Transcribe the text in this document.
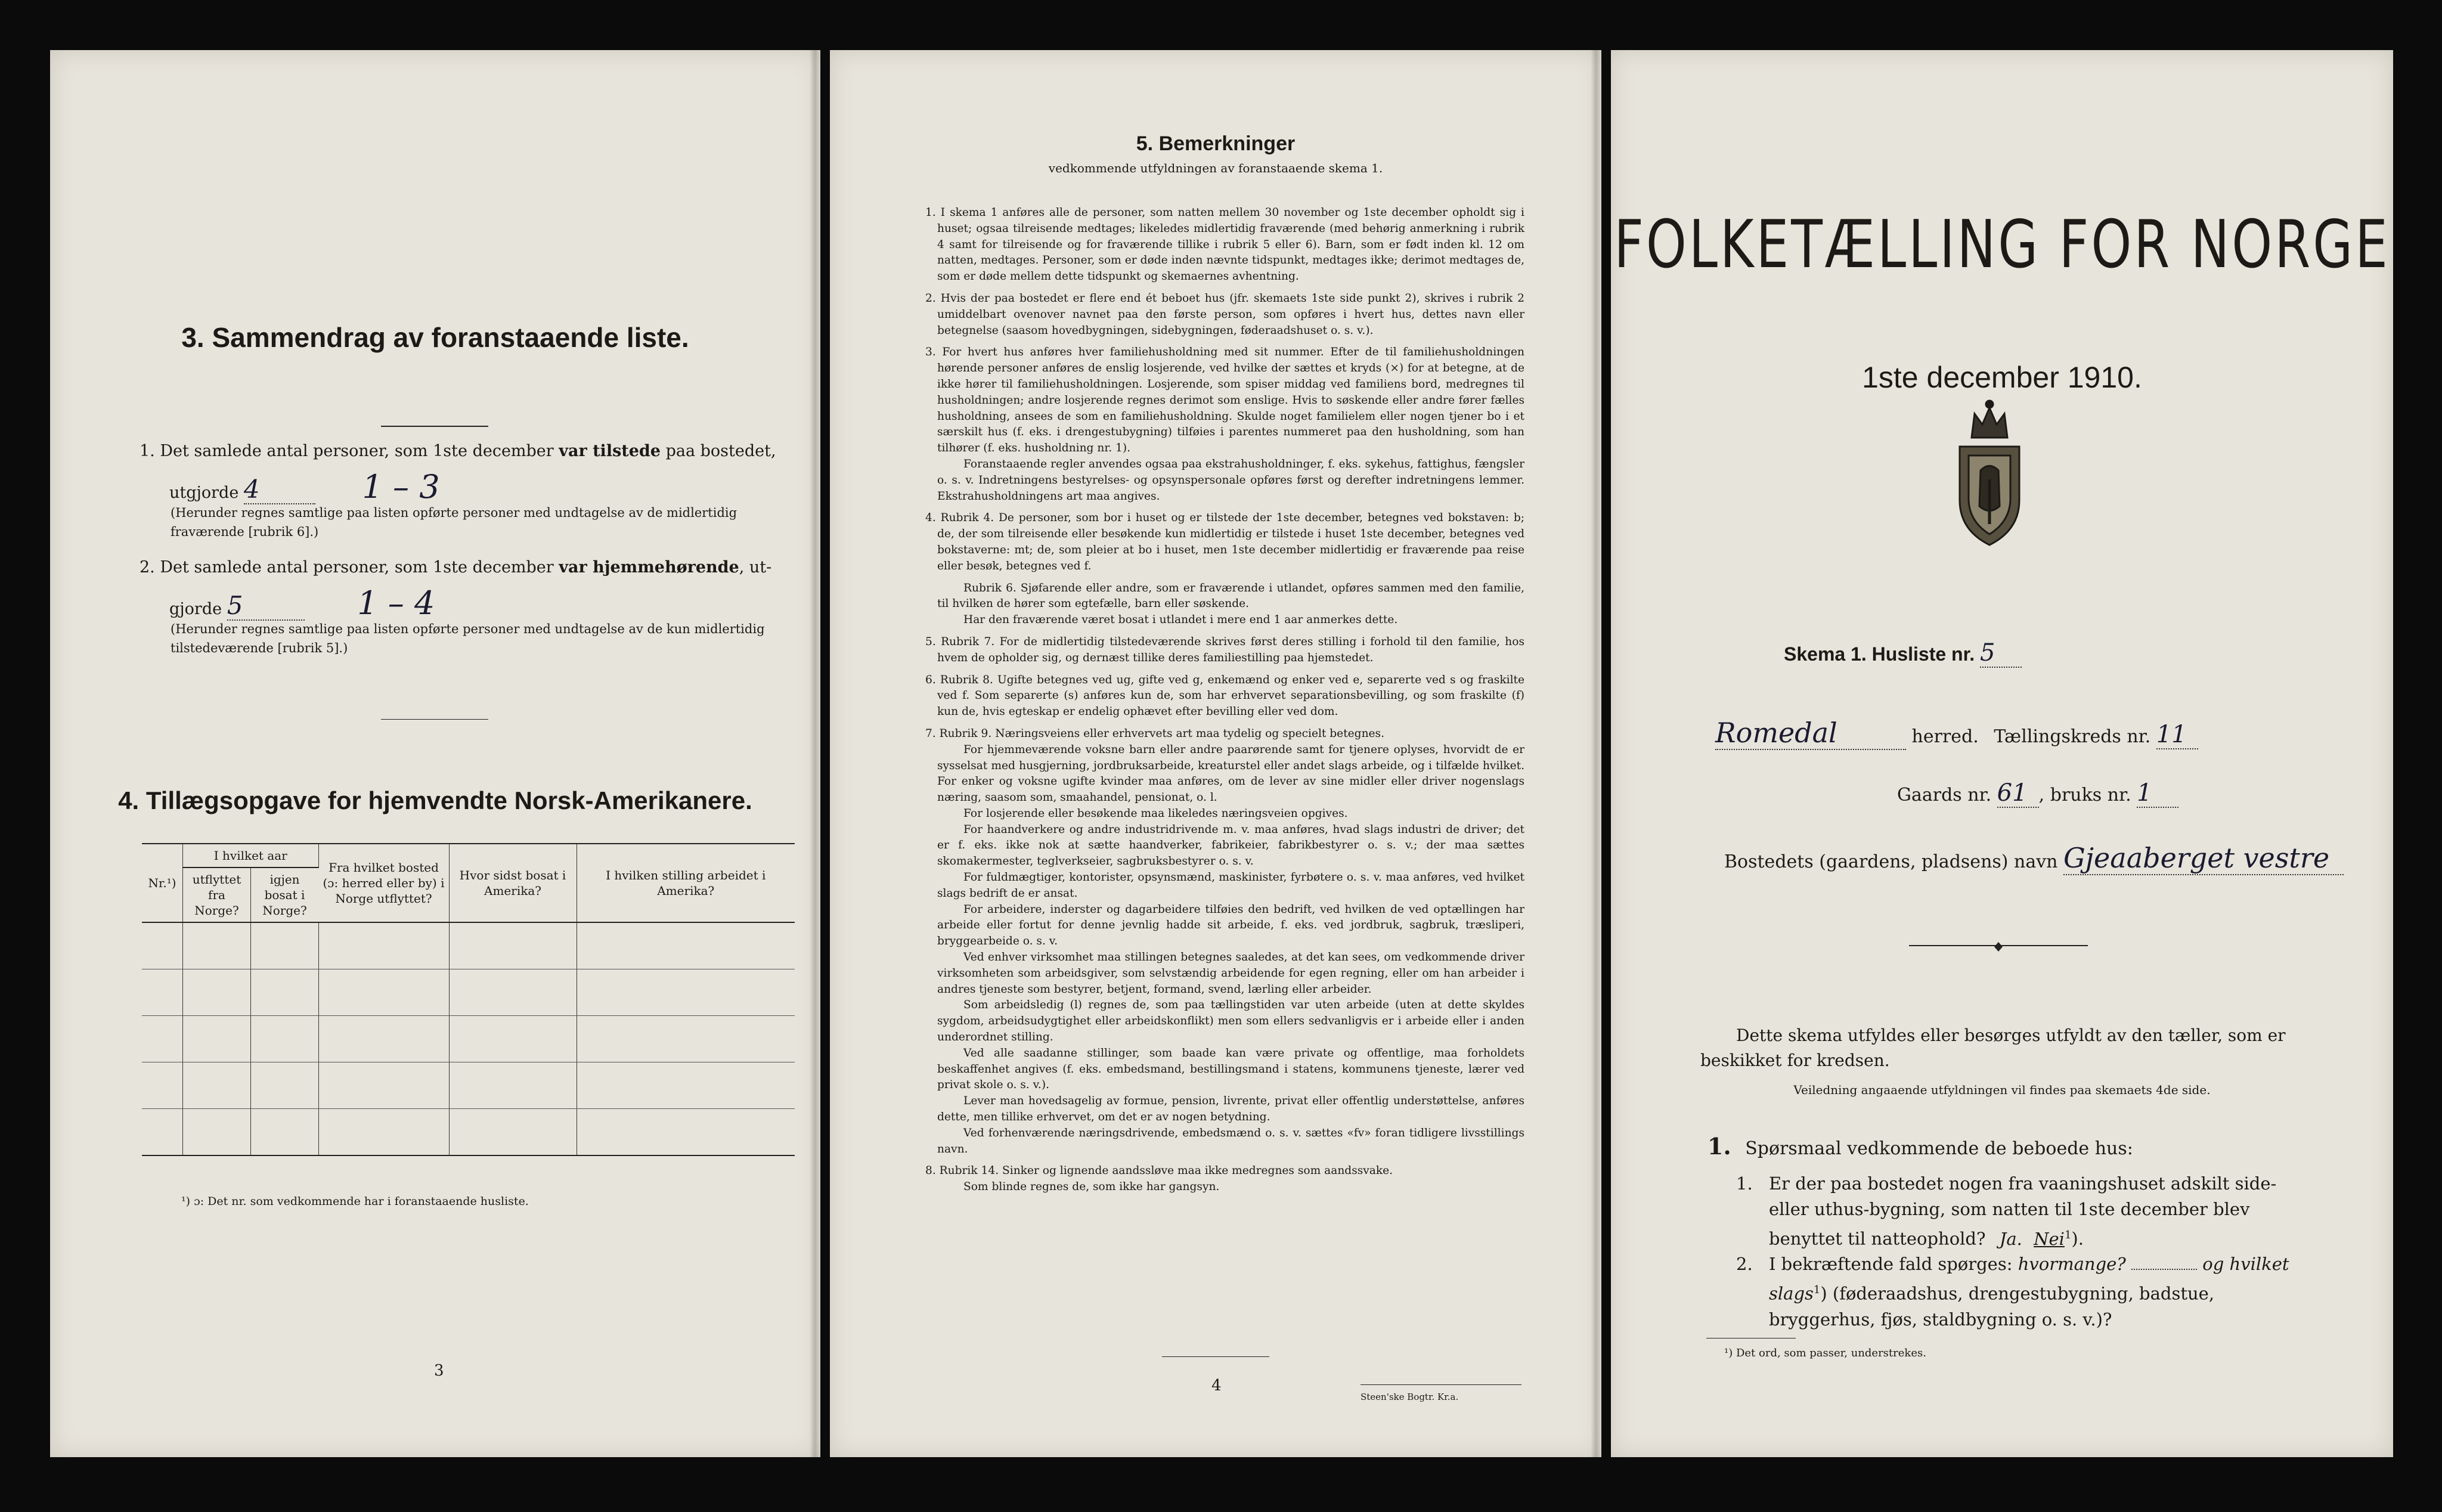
3. Sammendrag av foranstaaende liste.
1. Det samlede antal personer, som 1ste december var tilstede paa bostedet,
utgjorde 4	1 – 3
(Herunder regnes samtlige paa listen opførte personer med undtagelse av de midlertidig fraværende [rubrik 6].)
2. Det samlede antal personer, som 1ste december var hjemmehørende, ut-
gjorde 5	1 – 4
(Herunder regnes samtlige paa listen opførte personer med undtagelse av de kun midlertidig tilstedeværende [rubrik 5].)
4. Tillægsopgave for hjemvendte Norsk-Amerikanere.
Nr.¹)	I hvilket aar		Fra hvilket bosted (ɔ: herred eller by) i Norge utflyttet?	Hvor sidst bosat i Amerika?	I hvilken stilling arbeidet i Amerika?
	utflyttet fra Norge?	igjen bosat i Norge?			

¹) ɔ: Det nr. som vedkommende har i foranstaaende husliste.
3
5. Bemerkninger
vedkommende utfyldningen av foranstaaende skema 1.

1. I skema 1 anføres alle de personer, som natten mellem 30 november og 1ste december opholdt sig i huset; ogsaa tilreisende medtages; likeledes midlertidig fraværende (med behørig anmerkning i rubrik 4 samt for tilreisende og for fraværende tillike i rubrik 5 eller 6). Barn, som er født inden kl. 12 om natten, medtages. Personer, som er døde inden nævnte tidspunkt, medtages ikke; derimot medtages de, som er døde mellem dette tidspunkt og skemaernes avhentning.

2. Hvis der paa bostedet er flere end ét beboet hus (jfr. skemaets 1ste side punkt 2), skrives i rubrik 2 umiddelbart ovenover navnet paa den første person, som opføres i hvert hus, dettes navn eller betegnelse (saasom hovedbygningen, sidebygningen, føderaadshuset o. s. v.).

3. For hvert hus anføres hver familiehusholdning med sit nummer. Efter de til familiehusholdningen hørende personer anføres de enslig losjerende, ved hvilke der sættes et kryds (×) for at betegne, at de ikke hører til familiehusholdningen. Losjerende, som spiser middag ved familiens bord, medregnes til husholdningen; andre losjerende regnes derimot som enslige. Hvis to søskende eller andre fører fælles husholdning, ansees de som en familiehusholdning. Skulde noget familielem eller nogen tjener bo i et særskilt hus (f. eks. i drengestubygning) tilføies i parentes nummeret paa den husholdning, som han tilhører (f. eks. husholdning nr. 1).

Foranstaaende regler anvendes ogsaa paa ekstrahusholdninger, f. eks. sykehus, fattighus, fængsler o. s. v. Indretningens bestyrelses- og opsynspersonale opføres først og derefter indretningens lemmer. Ekstrahusholdningens art maa angives.

4. Rubrik 4. De personer, som bor i huset og er tilstede der 1ste december, betegnes ved bokstaven: b; de, der som tilreisende eller besøkende kun midlertidig er tilstede i huset 1ste december, betegnes ved bokstaverne: mt; de, som pleier at bo i huset, men 1ste december midlertidig er fraværende paa reise eller besøk, betegnes ved f.

Rubrik 6. Sjøfarende eller andre, som er fraværende i utlandet, opføres sammen med den familie, til hvilken de hører som egtefælle, barn eller søskende.

Har den fraværende været bosat i utlandet i mere end 1 aar anmerkes dette.

5. Rubrik 7. For de midlertidig tilstedeværende skrives først deres stilling i forhold til den familie, hos hvem de opholder sig, og dernæst tillike deres familiestilling paa hjemstedet.

6. Rubrik 8. Ugifte betegnes ved ug, gifte ved g, enkemænd og enker ved e, separerte ved s og fraskilte ved f. Som separerte (s) anføres kun de, som har erhvervet separationsbevilling, og som fraskilte (f) kun de, hvis egteskap er endelig ophævet efter bevilling eller ved dom.

7. Rubrik 9. Næringsveiens eller erhvervets art maa tydelig og specielt betegnes.

For hjemmeværende voksne barn eller andre paarørende samt for tjenere oplyses, hvorvidt de er sysselsat med husgjerning, jordbruksarbeide, kreaturstel eller andet slags arbeide, og i tilfælde hvilket. For enker og voksne ugifte kvinder maa anføres, om de lever av sine midler eller driver nogenslags næring, saasom som, smaahandel, pensionat, o. l.

For losjerende eller besøkende maa likeledes næringsveien opgives.

For haandverkere og andre industridrivende m. v. maa anføres, hvad slags industri de driver; det er f. eks. ikke nok at sætte haandverker, fabrikeier, fabrikbestyrer o. s. v.; der maa sættes skomakermester, teglverkseier, sagbruksbestyrer o. s. v.

For fuldmægtiger, kontorister, opsynsmænd, maskinister, fyrbøtere o. s. v. maa anføres, ved hvilket slags bedrift de er ansat.

For arbeidere, inderster og dagarbeidere tilføies den bedrift, ved hvilken de ved optællingen har arbeide eller fortut for denne jevnlig hadde sit arbeide, f. eks. ved jordbruk, sagbruk, træsliperi, bryggearbeide o. s. v.

Ved enhver virksomhet maa stillingen betegnes saaledes, at det kan sees, om vedkommende driver virksomheten som arbeidsgiver, som selvstændig arbeidende for egen regning, eller om han arbeider i andres tjeneste som bestyrer, betjent, formand, svend, lærling eller arbeider.

Som arbeidsledig (l) regnes de, som paa tællingstiden var uten arbeide (uten at dette skyldes sygdom, arbeidsudygtighet eller arbeidskonflikt) men som ellers sedvanligvis er i arbeide eller i anden underordnet stilling.

Ved alle saadanne stillinger, som baade kan være private og offentlige, maa forholdets beskaffenhet angives (f. eks. embedsmand, bestillingsmand i statens, kommunens tjeneste, lærer ved privat skole o. s. v.).

Lever man hovedsagelig av formue, pension, livrente, privat eller offentlig understøttelse, anføres dette, men tillike erhvervet, om det er av nogen betydning.

Ved forhenværende næringsdrivende, embedsmænd o. s. v. sættes «fv» foran tidligere livsstillings navn.

8. Rubrik 14. Sinker og lignende aandssløve maa ikke medregnes som aandssvake.

Som blinde regnes de, som ikke har gangsyn.

4
Steen'ske Bogtr. Kr.a.
FOLKETÆLLING FOR NORGE
1ste december 1910.
Skema 1. Husliste nr. 5
Romedal	herred. Tællingskreds nr. 11
Gaards nr. 61 , bruks nr. 1
Bostedets (gaardens, pladsens) navn Gjeaaberget vestre
Dette skema utfyldes eller besørges utfyldt av den tæller, som er beskikket for kredsen.
Veiledning angaaende utfyldningen vil findes paa skemaets 4de side.
1. Spørsmaal vedkommende de beboede hus:
1. Er der paa bostedet nogen fra vaaningshuset adskilt side- eller uthus-bygning, som natten til 1ste december blev benyttet til natteophold? Ja. Nei$^1$).
2. I bekræftende fald spørges: hvormange?	og hvilket slags$^1$) (føderaadshus, drengestubygning, badstue, bryggerhus, fjøs, staldbygning o. s. v.)?
¹) Det ord, som passer, understrekes.
